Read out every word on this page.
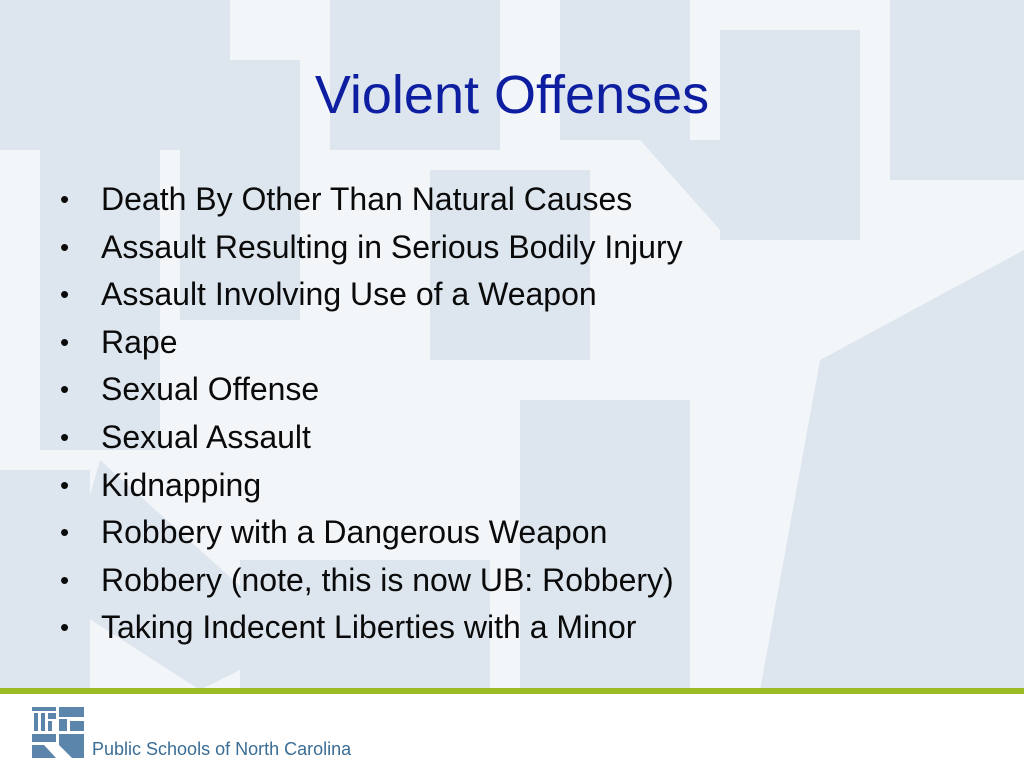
Violent Offenses
• Death By Other Than Natural Causes
• Assault Resulting in Serious Bodily Injury
• Assault Involving Use of a Weapon
• Rape
• Sexual Offense
• Sexual Assault
• Kidnapping
• Robbery with a Dangerous Weapon
• Robbery (note, this is now UB: Robbery)
• Taking Indecent Liberties with a Minor
Public Schools of North Carolina
